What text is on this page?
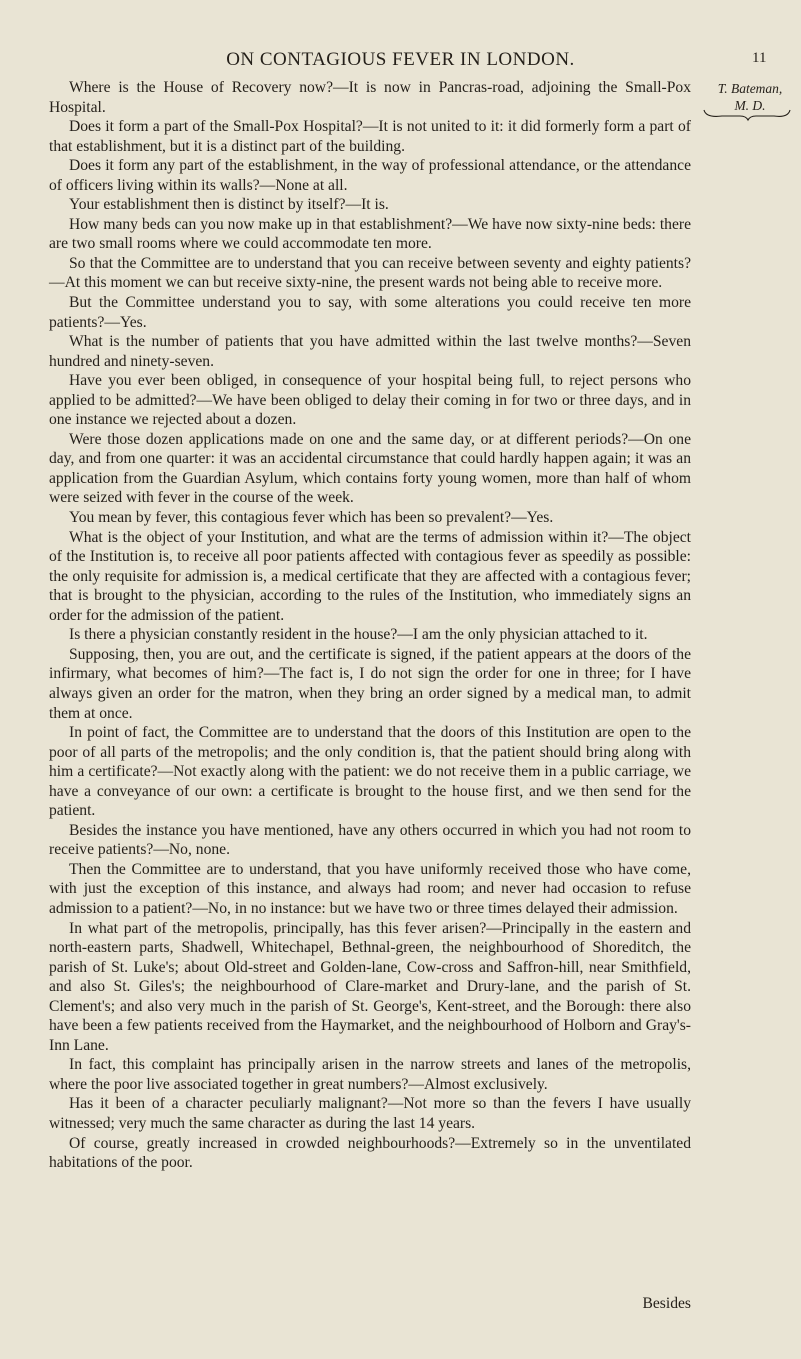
ON CONTAGIOUS FEVER IN LONDON.	11
T. Bateman,
M. D.

Where is the House of Recovery now?—It is now in Pancras-road, adjoining the Small-Pox Hospital.

Does it form a part of the Small-Pox Hospital?—It is not united to it: it did formerly form a part of that establishment, but it is a distinct part of the building.

Does it form any part of the establishment, in the way of professional attendance, or the attendance of officers living within its walls?—None at all.

Your establishment then is distinct by itself?—It is.

How many beds can you now make up in that establishment?—We have now sixty-nine beds: there are two small rooms where we could accommodate ten more.

So that the Committee are to understand that you can receive between seventy and eighty patients?—At this moment we can but receive sixty-nine, the present wards not being able to receive more.

But the Committee understand you to say, with some alterations you could receive ten more patients?—Yes.

What is the number of patients that you have admitted within the last twelve months?—Seven hundred and ninety-seven.

Have you ever been obliged, in consequence of your hospital being full, to reject persons who applied to be admitted?—We have been obliged to delay their coming in for two or three days, and in one instance we rejected about a dozen.

Were those dozen applications made on one and the same day, or at different periods?—On one day, and from one quarter: it was an accidental circumstance that could hardly happen again; it was an application from the Guardian Asylum, which contains forty young women, more than half of whom were seized with fever in the course of the week.

You mean by fever, this contagious fever which has been so prevalent?—Yes.

What is the object of your Institution, and what are the terms of admission within it?—The object of the Institution is, to receive all poor patients affected with contagious fever as speedily as possible: the only requisite for admission is, a medical certificate that they are affected with a contagious fever; that is brought to the physician, according to the rules of the Institution, who immediately signs an order for the admission of the patient.

Is there a physician constantly resident in the house?—I am the only physician attached to it.

Supposing, then, you are out, and the certificate is signed, if the patient appears at the doors of the infirmary, what becomes of him?—The fact is, I do not sign the order for one in three; for I have always given an order for the matron, when they bring an order signed by a medical man, to admit them at once.

In point of fact, the Committee are to understand that the doors of this Institution are open to the poor of all parts of the metropolis; and the only condition is, that the patient should bring along with him a certificate?—Not exactly along with the patient: we do not receive them in a public carriage, we have a conveyance of our own: a certificate is brought to the house first, and we then send for the patient.

Besides the instance you have mentioned, have any others occurred in which you had not room to receive patients?—No, none.

Then the Committee are to understand, that you have uniformly received those who have come, with just the exception of this instance, and always had room; and never had occasion to refuse admission to a patient?—No, in no instance: but we have two or three times delayed their admission.

In what part of the metropolis, principally, has this fever arisen?—Principally in the eastern and north-eastern parts, Shadwell, Whitechapel, Bethnal-green, the neighbourhood of Shoreditch, the parish of St. Luke's; about Old-street and Golden-lane, Cow-cross and Saffron-hill, near Smithfield, and also St. Giles's; the neighbourhood of Clare-market and Drury-lane, and the parish of St. Clement's; and also very much in the parish of St. George's, Kent-street, and the Borough: there also have been a few patients received from the Haymarket, and the neighbourhood of Holborn and Gray's-Inn Lane.

In fact, this complaint has principally arisen in the narrow streets and lanes of the metropolis, where the poor live associated together in great numbers?—Almost exclusively.

Has it been of a character peculiarly malignant?—Not more so than the fevers I have usually witnessed; very much the same character as during the last 14 years.

Of course, greatly increased in crowded neighbourhoods?—Extremely so in the unventilated habitations of the poor.

Besides
